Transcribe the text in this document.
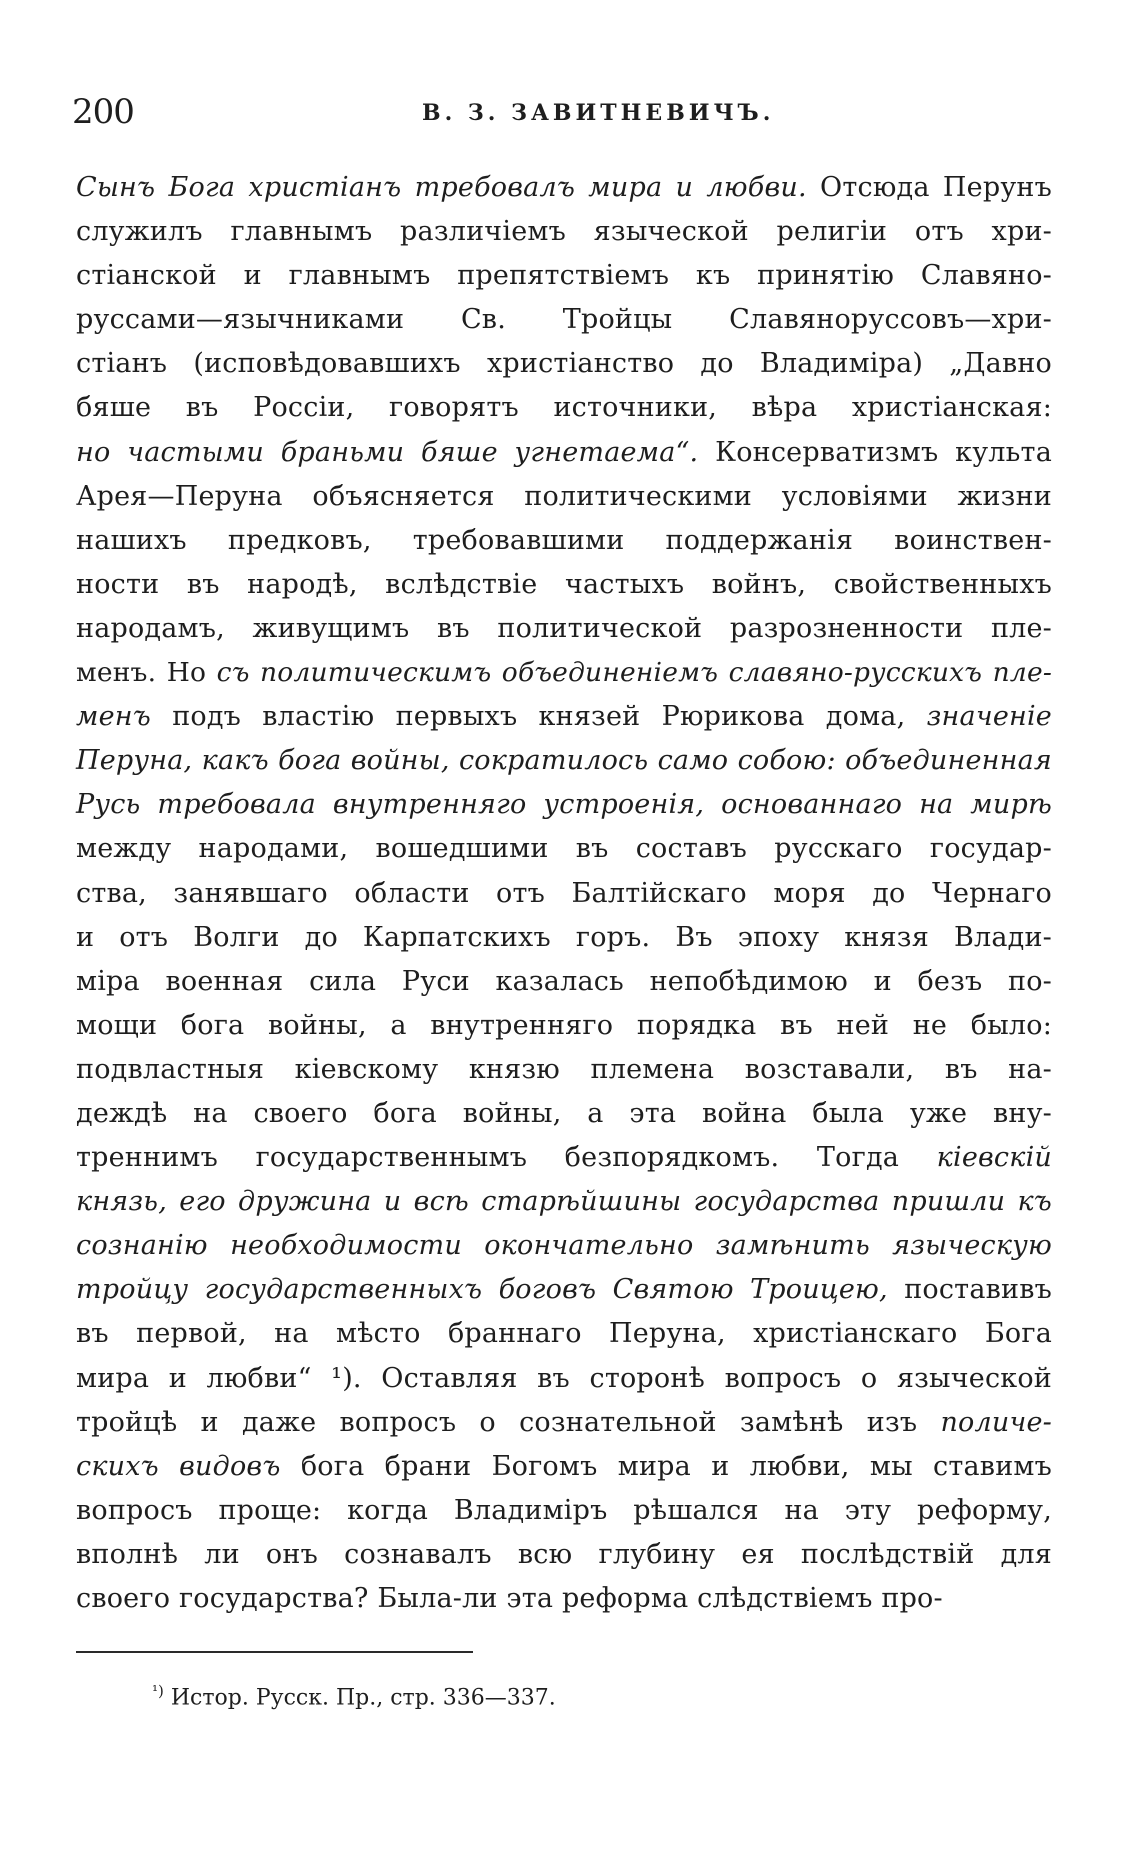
200	В. З. ЗАВИТНЕВИЧЪ.
Сынъ Бога христіанъ требовалъ мира и любви. Отсюда Перунъ
служилъ главнымъ различіемъ языческой религіи отъ хри-
стіанской и главнымъ препятствіемъ къ принятію Славяно-
руссами—язычниками Св. Тройцы Славяноруссовъ—хри-
стіанъ (исповѣдовавшихъ христіанство до Владиміра) „Давно
бяше въ Россіи, говорятъ источники, вѣра христіанская:
но частыми браньми бяше угнетаема“. Консерватизмъ культа
Арея—Перуна объясняется политическими условіями жизни
нашихъ предковъ, требовавшими поддержанія воинствен-
ности въ народѣ, вслѣдствіе частыхъ войнъ, свойственныхъ
народамъ, живущимъ въ политической разрозненности пле-
менъ. Но съ политическимъ объединеніемъ славяно-русскихъ пле-
менъ подъ властію первыхъ князей Рюрикова дома, значеніе
Перуна, какъ бога войны, сократилось само собою: объединенная
Русь требовала внутренняго устроенія, основаннаго на мирѣ
между народами, вошедшими въ составъ русскаго государ-
ства, занявшаго области отъ Балтійскаго моря до Чернаго
и отъ Волги до Карпатскихъ горъ. Въ эпоху князя Влади-
міра военная сила Руси казалась непобѣдимою и безъ по-
мощи бога войны, а внутренняго порядка въ ней не было:
подвластныя кіевскому князю племена возставали, въ на-
деждѣ на своего бога войны, а эта война была уже вну-
треннимъ государственнымъ безпорядкомъ. Тогда кіевскій
князь, его дружина и всѣ старѣйшины государства пришли къ
сознанію необходимости окончательно замѣнить языческую
тройцу государственныхъ боговъ Святою Троицею, поставивъ
въ первой, на мѣсто браннаго Перуна, христіанскаго Бога
мира и любви“ ¹). Оставляя въ сторонѣ вопросъ о языческой
тройцѣ и даже вопросъ о сознательной замѣнѣ изъ поличе-
скихъ видовъ бога брани Богомъ мира и любви, мы ставимъ
вопросъ проще: когда Владиміръ рѣшался на эту реформу,
вполнѣ ли онъ сознавалъ всю глубину ея послѣдствій для
своего государства? Была-ли эта реформа слѣдствіемъ про-
$^{^1)}$ Истор. Русск. Пр., стр. 336—337.
